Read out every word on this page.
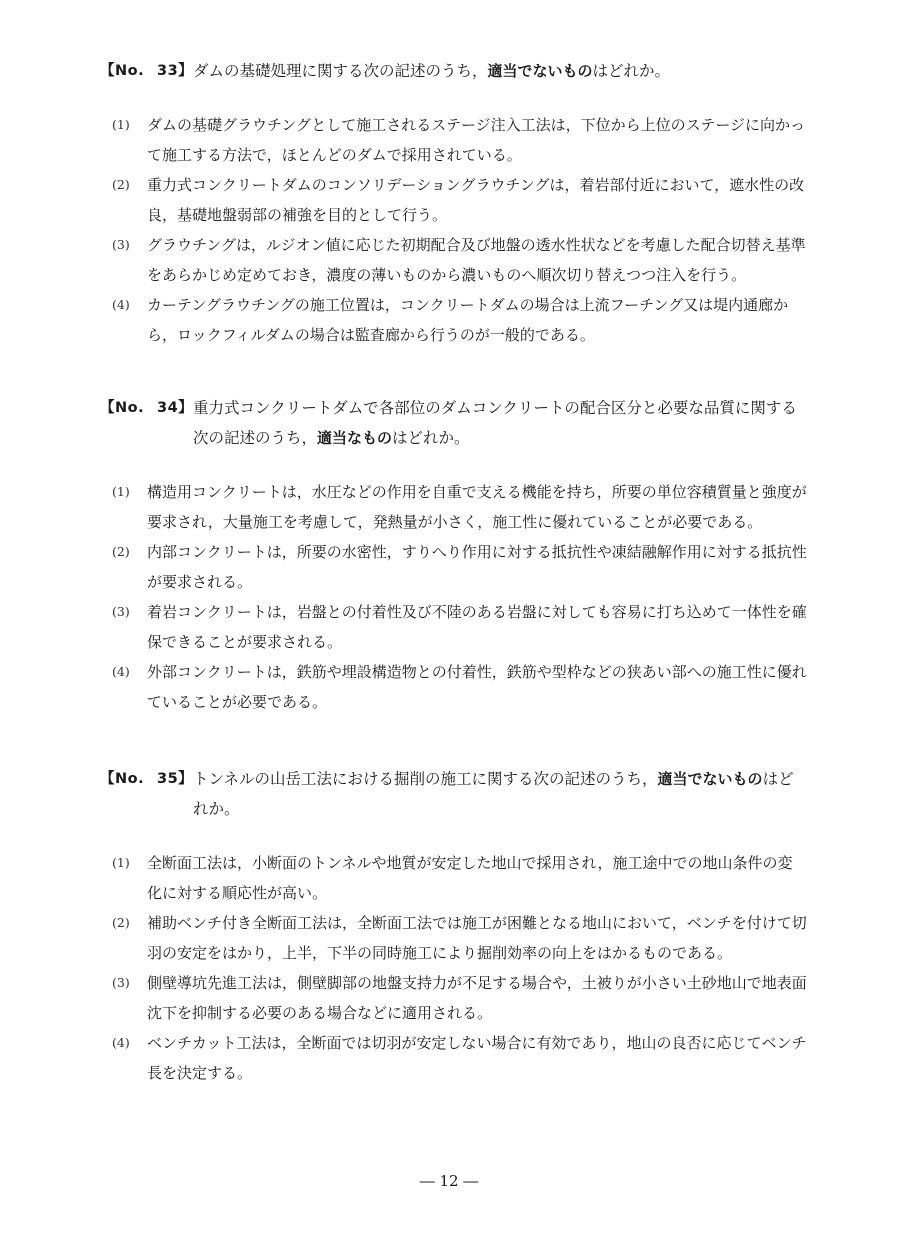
【No. 33】 ダムの基礎処理に関する次の記述のうち，適当でないものはどれか。
(1) ダムの基礎グラウチングとして施工されるステージ注入工法は，下位から上位のステージに向かって施工する方法で，ほとんどのダムで採用されている。
(2) 重力式コンクリートダムのコンソリデーショングラウチングは，着岩部付近において，遮水性の改良，基礎地盤弱部の補強を目的として行う。
(3) グラウチングは，ルジオン値に応じた初期配合及び地盤の透水性状などを考慮した配合切替え基準をあらかじめ定めておき，濃度の薄いものから濃いものへ順次切り替えつつ注入を行う。
(4) カーテングラウチングの施工位置は，コンクリートダムの場合は上流フーチング又は堤内通廊から，ロックフィルダムの場合は監査廊から行うのが一般的である。
【No. 34】 重力式コンクリートダムで各部位のダムコンクリートの配合区分と必要な品質に関する次の記述のうち，適当なものはどれか。
(1) 構造用コンクリートは，水圧などの作用を自重で支える機能を持ち，所要の単位容積質量と強度が要求され，大量施工を考慮して，発熱量が小さく，施工性に優れていることが必要である。
(2) 内部コンクリートは，所要の水密性，すりへり作用に対する抵抗性や凍結融解作用に対する抵抗性が要求される。
(3) 着岩コンクリートは，岩盤との付着性及び不陸のある岩盤に対しても容易に打ち込めて一体性を確保できることが要求される。
(4) 外部コンクリートは，鉄筋や埋設構造物との付着性，鉄筋や型枠などの狭あい部への施工性に優れていることが必要である。
【No. 35】 トンネルの山岳工法における掘削の施工に関する次の記述のうち，適当でないものはどれか。
(1) 全断面工法は，小断面のトンネルや地質が安定した地山で採用され，施工途中での地山条件の変化に対する順応性が高い。
(2) 補助ベンチ付き全断面工法は，全断面工法では施工が困難となる地山において，ベンチを付けて切羽の安定をはかり，上半，下半の同時施工により掘削効率の向上をはかるものである。
(3) 側壁導坑先進工法は，側壁脚部の地盤支持力が不足する場合や，土被りが小さい土砂地山で地表面沈下を抑制する必要のある場合などに適用される。
(4) ベンチカット工法は，全断面では切羽が安定しない場合に有効であり，地山の良否に応じてベンチ長を決定する。
― 12 ―
